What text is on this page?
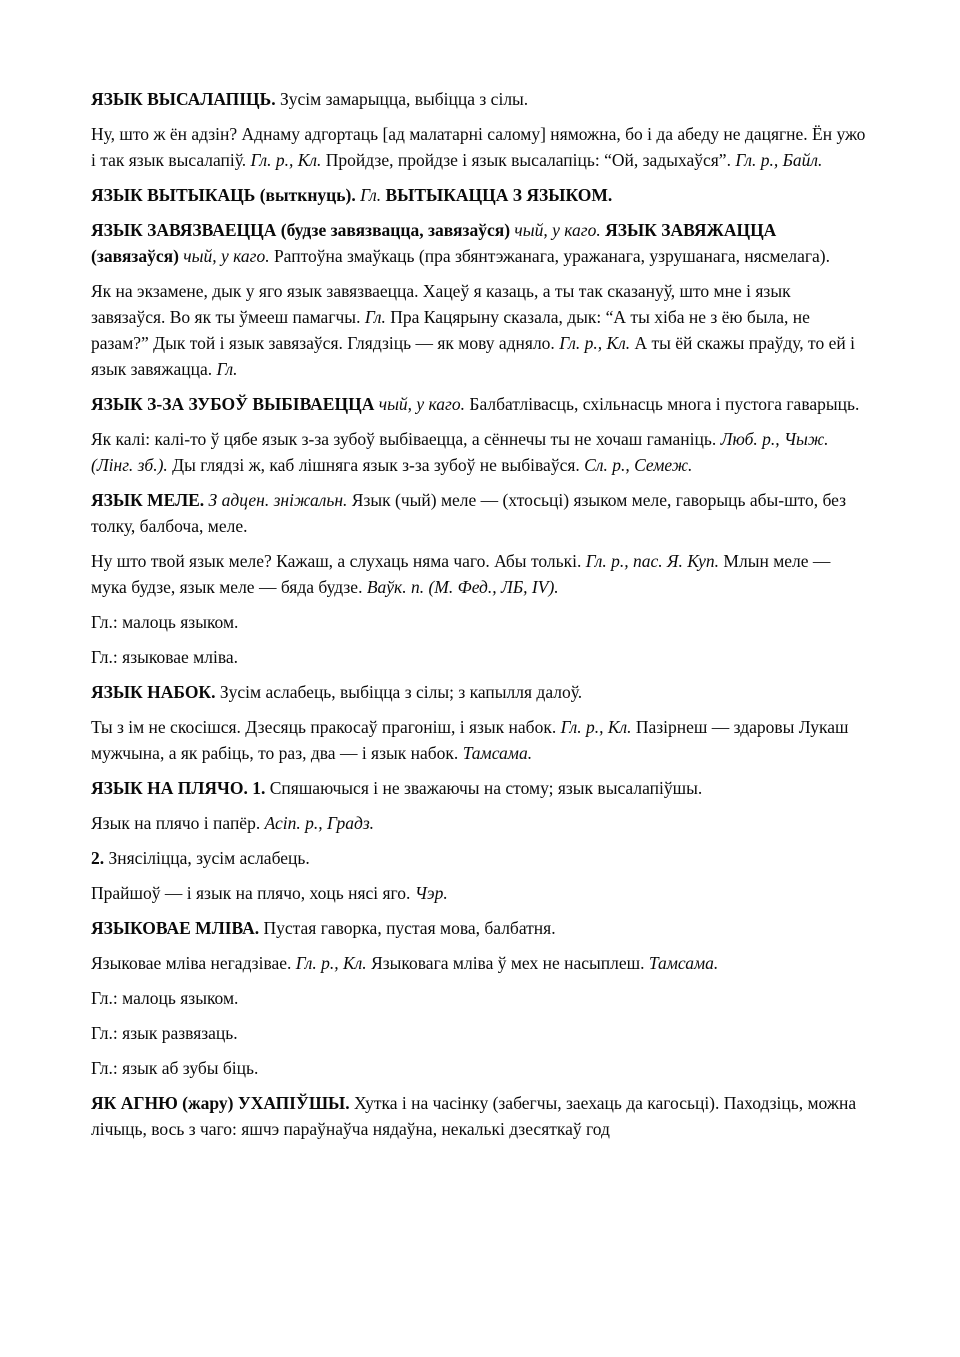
ЯЗЫК ВЫСАЛАПІЦЬ. Зусім замарыцца, выбіцца з сілы.

Ну, што ж ён адзін? Аднаму адгортаць [ад малатарні салому] няможна, бо і да абеду не дацягне. Ён ужо і так язык высалапіў. Гл. р., Кл. Пройдзе, пройдзе і язык высалапіць: “Ой, задыхаўся”. Гл. р., Байл.

ЯЗЫК ВЫТЫКАЦЬ (выткнуць). Гл. ВЫТЫКАЦЦА З ЯЗЫКОМ.

ЯЗЫК ЗАВЯЗВАЕЦЦА (будзе завязвацца, завязаўся) чый, у каго. ЯЗЫК ЗАВЯЖАЦЦА (завязаўся) чый, у каго. Раптоўна змаўкаць (пра збянтэжанага, уражанага, узрушанага, нясмелага).

Як на экзамене, дык у яго язык завязваецца. Хацеў я казаць, а ты так сказануў, што мне і язык завязаўся. Во як ты ўмееш памагчы. Гл. Пра Кацярыну сказала, дык: “А ты хіба не з ёю была, не разам?” Дык той і язык завязаўся. Глядзіць — як мову адняло. Гл. р., Кл. А ты ёй скажы праўду, то ей і язык завяжацца. Гл.

ЯЗЫК З-ЗА ЗУБОЎ ВЫБІВАЕЦЦА чый, у каго. Балбатлівасць, схільнасць многа і пустога гаварыць.

Як калі: калі-то ў цябе язык з-за зубоў выбіваецца, а сённечы ты не хочаш гаманіць. Люб. р., Чыж. (Лінг. зб.). Ды глядзі ж, каб лішняга язык з-за зубоў не выбіваўся. Сл. р., Семеж.

ЯЗЫК МЕЛЕ. З адцен. зніжальн. Язык (чый) меле — (хтосьці) языком меле, гаворыць абы-што, без толку, балбоча, меле.

Ну што твой язык меле? Кажаш, а слухаць няма чаго. Абы толькі. Гл. р., пас. Я. Куп. Млын меле — мука будзе, язык меле — бяда будзе. Ваўк. п. (М. Фед., ЛБ, IV).

Гл.: малоць языком.

Гл.: языковае мліва.

ЯЗЫК НАБОК. Зусім аслабець, выбіцца з сілы; з капылля далоў.

Ты з ім не скосішся. Дзесяць пракосаў прагоніш, і язык набок. Гл. р., Кл. Пазірнеш — здаровы Лукаш мужчына, а як рабіць, то раз, два — і язык набок. Тамсама.

ЯЗЫК НА ПЛЯЧО. 1. Спяшаючыся і не зважаючы на стому; язык высалапіўшы.

Язык на плячо і папёр. Асіп. р., Градз.

2. Знясіліцца, зусім аслабець.

Прайшоў — і язык на плячо, хоць нясі яго. Чэр.

ЯЗЫКОВАЕ МЛІВА. Пустая гаворка, пустая мова, балбатня.

Языковае мліва негадзівае. Гл. р., Кл. Языковага мліва ў мех не насыплеш. Тамсама.

Гл.: малоць языком.

Гл.: язык развязаць.

Гл.: язык аб зубы біць.

ЯК АГНЮ (жару) УХАПІЎШЫ. Хутка і на часінку (забегчы, заехаць да кагосьці). Паходзіць, можна лічыць, вось з чаго: яшчэ параўнаўча нядаўна, некалькі дзесяткаў год
